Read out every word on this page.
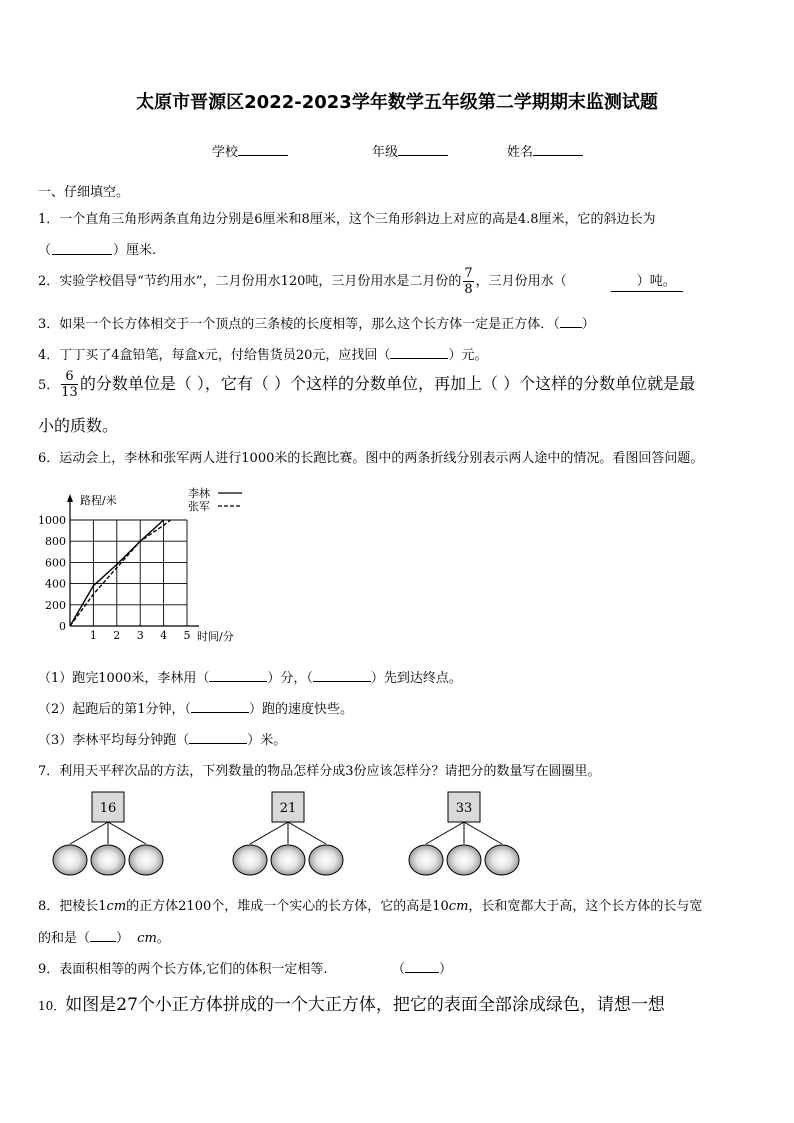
太原市晋源区2022-2023学年数学五年级第二学期期末监测试题
学校	年级	姓名
一、仔细填空。
1．一个直角三角形两条直角边分别是6厘米和8厘米，这个三角形斜边上对应的高是4.8厘米，它的斜边长为
（	）厘米.
2．实验学校倡导“节约用水”，二月份用水120吨，三月份用水是二月份的 $\frac{7}{8}$ ，三月份用水（	）吨。
3．如果一个长方体相交于一个顶点的三条棱的长度相等，那么这个长方体一定是正方体．（ ）
4．丁丁买了4盒铅笔，每盒x元，付给售货员20元，应找回（	）元。
5． $\frac{6}{13}$ 的分数单位是（ ），它有（ ）个这样的分数单位，再加上（ ）个这样的分数单位就是最
小的质数。
6．运动会上，李林和张军两人进行1000米的长跑比赛。图中的两条折线分别表示两人途中的情况。看图回答问题。
路程/米
时间/分
1 2 3 4 5
0
200
400
600
800
1000
李林
张军
（1）跑完1000米，李林用（	）分，（	）先到达终点。
（2）起跑后的第1分钟，（	）跑的速度快些。
（3）李林平均每分钟跑（	）米。
7．利用天平秤次品的方法，下列数量的物品怎样分成3份应该怎样分？请把分的数量写在圆圈里。
16	21	33
8．把棱长1cm的正方体2100个，堆成一个实心的长方体，它的高是10cm，长和宽都大于高，这个长方体的长与宽
的和是（ ） cm。
9．表面积相等的两个长方体,它们的体积一定相等.	（	）
10．如图是27个小正方体拼成的一个大正方体，把它的表面全部涂成绿色，请想一想
